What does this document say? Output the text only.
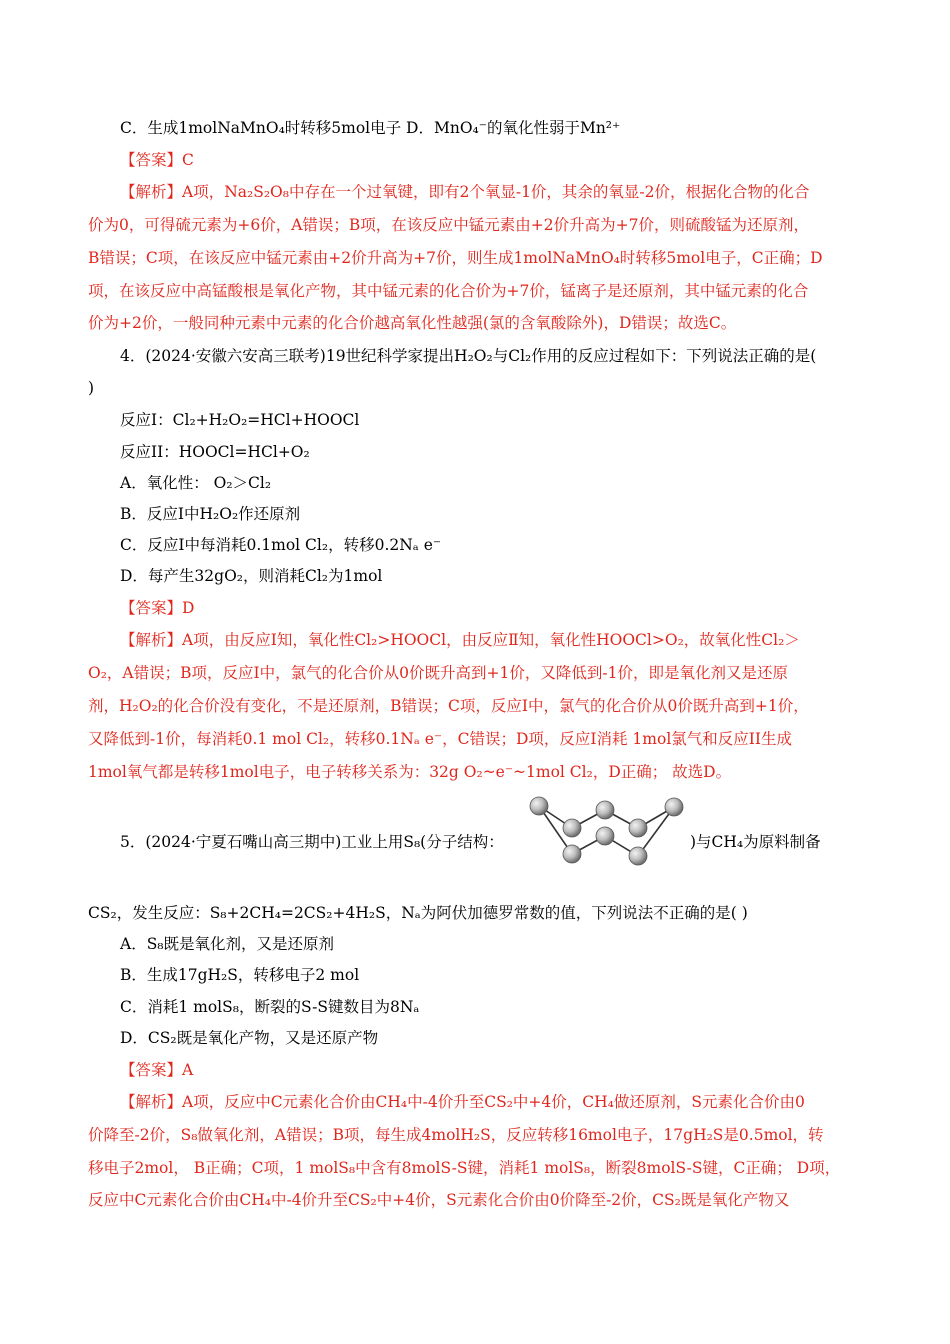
C．生成1molNaMnO₄时转移5mol电子 D．MnO₄⁻的氧化性弱于Mn²⁺
【答案】C
【解析】A项，Na₂S₂O₈中存在一个过氧键，即有2个氧显-1价，其余的氧显-2价，根据化合物的化合
价为0，可得硫元素为+6价，A错误；B项，在该反应中锰元素由+2价升高为+7价，则硫酸锰为还原剂，
B错误；C项，在该反应中锰元素由+2价升高为+7价，则生成1molNaMnO₄时转移5mol电子，C正确；D
项，在该反应中高锰酸根是氧化产物，其中锰元素的化合价为+7价，锰离子是还原剂，其中锰元素的化合
价为+2价，一般同种元素中元素的化合价越高氧化性越强(氯的含氧酸除外)，D错误；故选C。
4．(2024·安徽六安高三联考)19世纪科学家提出H₂O₂与Cl₂作用的反应过程如下：下列说法正确的是(
)
反应I：Cl₂+H₂O₂=HCl+HOOCl
反应II：HOOCl=HCl+O₂
A．氧化性： O₂＞Cl₂
B．反应I中H₂O₂作还原剂
C．反应I中每消耗0.1mol Cl₂，转移0.2Nₐ e⁻
D．每产生32gO₂，则消耗Cl₂为1mol
【答案】D
【解析】A项，由反应Ⅰ知，氧化性Cl₂>HOOCl，由反应Ⅱ知，氧化性HOOCl>O₂，故氧化性Cl₂＞
O₂，A错误；B项，反应Ⅰ中，氯气的化合价从0价既升高到+1价，又降低到-1价，即是氧化剂又是还原
剂，H₂O₂的化合价没有变化，不是还原剂，B错误；C项，反应Ⅰ中，氯气的化合价从0价既升高到+1价，
又降低到-1价，每消耗0.1 mol Cl₂，转移0.1Nₐ e⁻，C错误；D项，反应I消耗 1mol氯气和反应II生成
1mol氧气都是转移1mol电子，电子转移关系为：32g O₂~e⁻~1mol Cl₂，D正确； 故选D。
5．(2024·宁夏石嘴山高三期中)工业上用S₈(分子结构：	)与CH₄为原料制备
CS₂，发生反应：S₈+2CH₄=2CS₂+4H₂S，Nₐ为阿伏加德罗常数的值，下列说法不正确的是( )
A．S₈既是氧化剂，又是还原剂
B．生成17gH₂S，转移电子2 mol
C．消耗1 molS₈，断裂的S-S键数目为8Nₐ
D．CS₂既是氧化产物，又是还原产物
【答案】A
【解析】A项，反应中C元素化合价由CH₄中-4价升至CS₂中+4价，CH₄做还原剂，S元素化合价由0
价降至-2价，S₈做氧化剂，A错误；B项，每生成4molH₂S，反应转移16mol电子，17gH₂S是0.5mol，转
移电子2mol， B正确；C项，1 molS₈中含有8molS-S键，消耗1 molS₈，断裂8molS-S键，C正确； D项，
反应中C元素化合价由CH₄中-4价升至CS₂中+4价，S元素化合价由0价降至-2价，CS₂既是氧化产物又
